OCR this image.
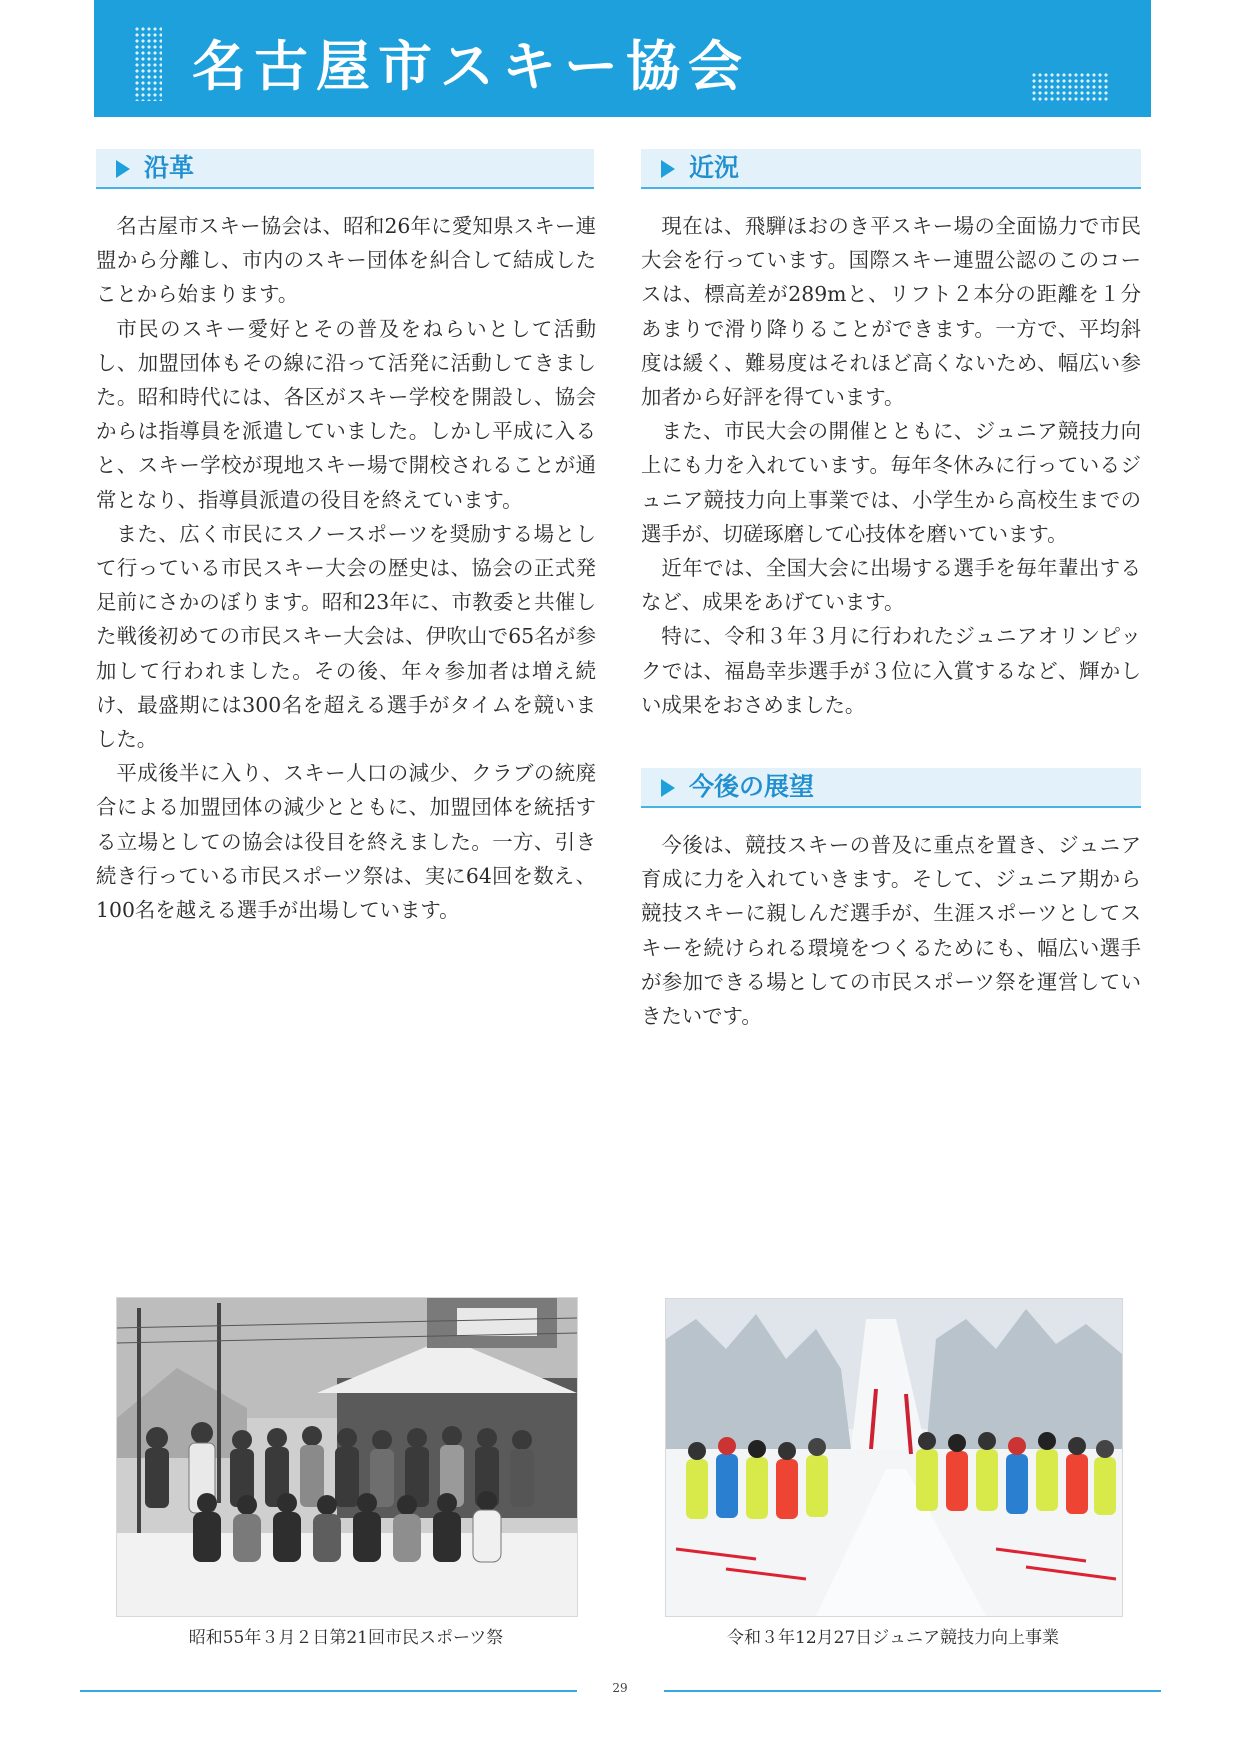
名古屋市スキー協会
沿革

名古屋市スキー協会は、昭和26年に愛知県スキー連盟から分離し、市内のスキー団体を糾合して結成したことから始まります。

市民のスキー愛好とその普及をねらいとして活動し、加盟団体もその線に沿って活発に活動してきました。昭和時代には、各区がスキー学校を開設し、協会からは指導員を派遣していました。しかし平成に入ると、スキー学校が現地スキー場で開校されることが通常となり、指導員派遣の役目を終えています。

また、広く市民にスノースポーツを奨励する場として行っている市民スキー大会の歴史は、協会の正式発足前にさかのぼります。昭和23年に、市教委と共催した戦後初めての市民スキー大会は、伊吹山で65名が参加して行われました。その後、年々参加者は増え続け、最盛期には300名を超える選手がタイムを競いました。

平成後半に入り、スキー人口の減少、クラブの統廃合による加盟団体の減少とともに、加盟団体を統括する立場としての協会は役目を終えました。一方、引き続き行っている市民スポーツ祭は、実に64回を数え、100名を越える選手が出場しています。

近況

現在は、飛騨ほおのき平スキー場の全面協力で市民大会を行っています。国際スキー連盟公認のこのコースは、標高差が289mと、リフト２本分の距離を１分あまりで滑り降りることができます。一方で、平均斜度は緩く、難易度はそれほど高くないため、幅広い参加者から好評を得ています。

また、市民大会の開催とともに、ジュニア競技力向上にも力を入れています。毎年冬休みに行っているジュニア競技力向上事業では、小学生から高校生までの選手が、切磋琢磨して心技体を磨いています。

近年では、全国大会に出場する選手を毎年輩出するなど、成果をあげています。

特に、令和３年３月に行われたジュニアオリンピックでは、福島幸歩選手が３位に入賞するなど、輝かしい成果をおさめました。

今後の展望

今後は、競技スキーの普及に重点を置き、ジュニア育成に力を入れていきます。そして、ジュニア期から競技スキーに親しんだ選手が、生涯スポーツとしてスキーを続けられる環境をつくるためにも、幅広い選手が参加できる場としての市民スポーツ祭を運営していきたいです。

昭和55年３月２日第21回市民スポーツ祭	令和３年12月27日ジュニア競技力向上事業
29
